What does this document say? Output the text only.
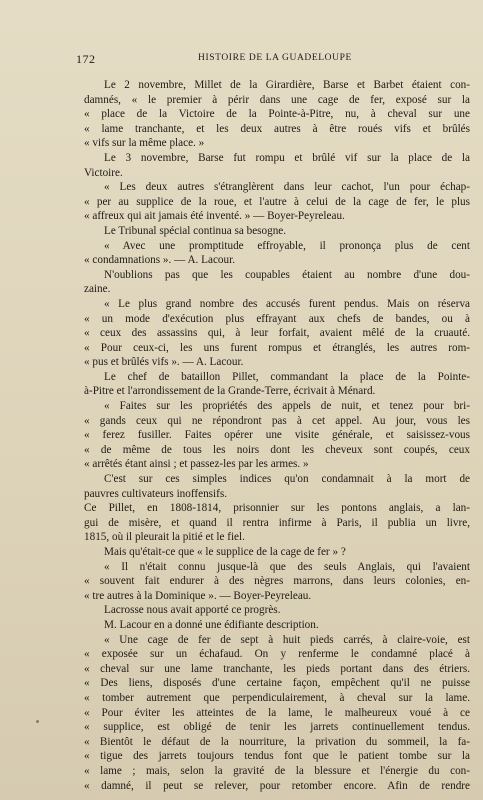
172	HISTOIRE DE LA GUADELOUPE
Le 2 novembre, Millet de la Girardière, Barse et Barbet étaient con-
damnés, « le premier à périr dans une cage de fer, exposé sur la
« place de la Victoire de la Pointe-à-Pitre, nu, à cheval sur une
« lame tranchante, et les deux autres à être roués vifs et brûlés
« vifs sur la même place. »
Le 3 novembre, Barse fut rompu et brûlé vif sur la place de la
Victoire.
« Les deux autres s'étranglèrent dans leur cachot, l'un pour échap-
« per au supplice de la roue, et l'autre à celui de la cage de fer, le plus
« affreux qui ait jamais été inventé. » — Boyer-Peyreleau.
Le Tribunal spécial continua sa besogne.
« Avec une promptitude effroyable, il prononça plus de cent
« condamnations ». — A. Lacour.
N'oublions pas que les coupables étaient au nombre d'une dou-
zaine.
« Le plus grand nombre des accusés furent pendus. Mais on réserva
« un mode d'exécution plus effrayant aux chefs de bandes, ou à
« ceux des assassins qui, à leur forfait, avaient mêlé de la cruauté.
« Pour ceux-ci, les uns furent rompus et étranglés, les autres rom-
« pus et brûlés vifs ». — A. Lacour.
Le chef de bataillon Pillet, commandant la place de la Pointe-
à-Pitre et l'arrondissement de la Grande-Terre, écrivait à Ménard.
« Faites sur les propriétés des appels de nuit, et tenez pour bri-
« gands ceux qui ne répondront pas à cet appel. Au jour, vous les
« ferez fusiller. Faites opérer une visite générale, et saisissez-vous
« de même de tous les noirs dont les cheveux sont coupés, ceux
« arrêtés étant ainsi ; et passez-les par les armes. »
C'est sur ces simples indices qu'on condamnait à la mort de
pauvres cultivateurs inoffensifs.
Ce Pillet, en 1808-1814, prisonnier sur les pontons anglais, a lan-
gui de misère, et quand il rentra infirme à Paris, il publia un livre,
1815, où il pleurait la pitié et le fiel.
Mais qu'était-ce que « le supplice de la cage de fer » ?
« Il n'était connu jusque-là que des seuls Anglais, qui l'avaient
« souvent fait endurer à des nègres marrons, dans leurs colonies, en-
« tre autres à la Dominique ». — Boyer-Peyreleau.
Lacrosse nous avait apporté ce progrès.
M. Lacour en a donné une édifiante description.
« Une cage de fer de sept à huit pieds carrés, à claire-voie, est
« exposée sur un échafaud. On y renferme le condamné placé à
« cheval sur une lame tranchante, les pieds portant dans des étriers.
« Des liens, disposés d'une certaine façon, empêchent qu'il ne puisse
« tomber autrement que perpendiculairement, à cheval sur la lame.
« Pour éviter les atteintes de la lame, le malheureux voué à ce
« supplice, est obligé de tenir les jarrets continuellement tendus.
« Bientôt le défaut de la nourriture, la privation du sommeil, la fa-
« tigue des jarrets toujours tendus font que le patient tombe sur la
« lame ; mais, selon la gravité de la blessure et l'énergie du con-
« damné, il peut se relever, pour retomber encore. Afin de rendre
